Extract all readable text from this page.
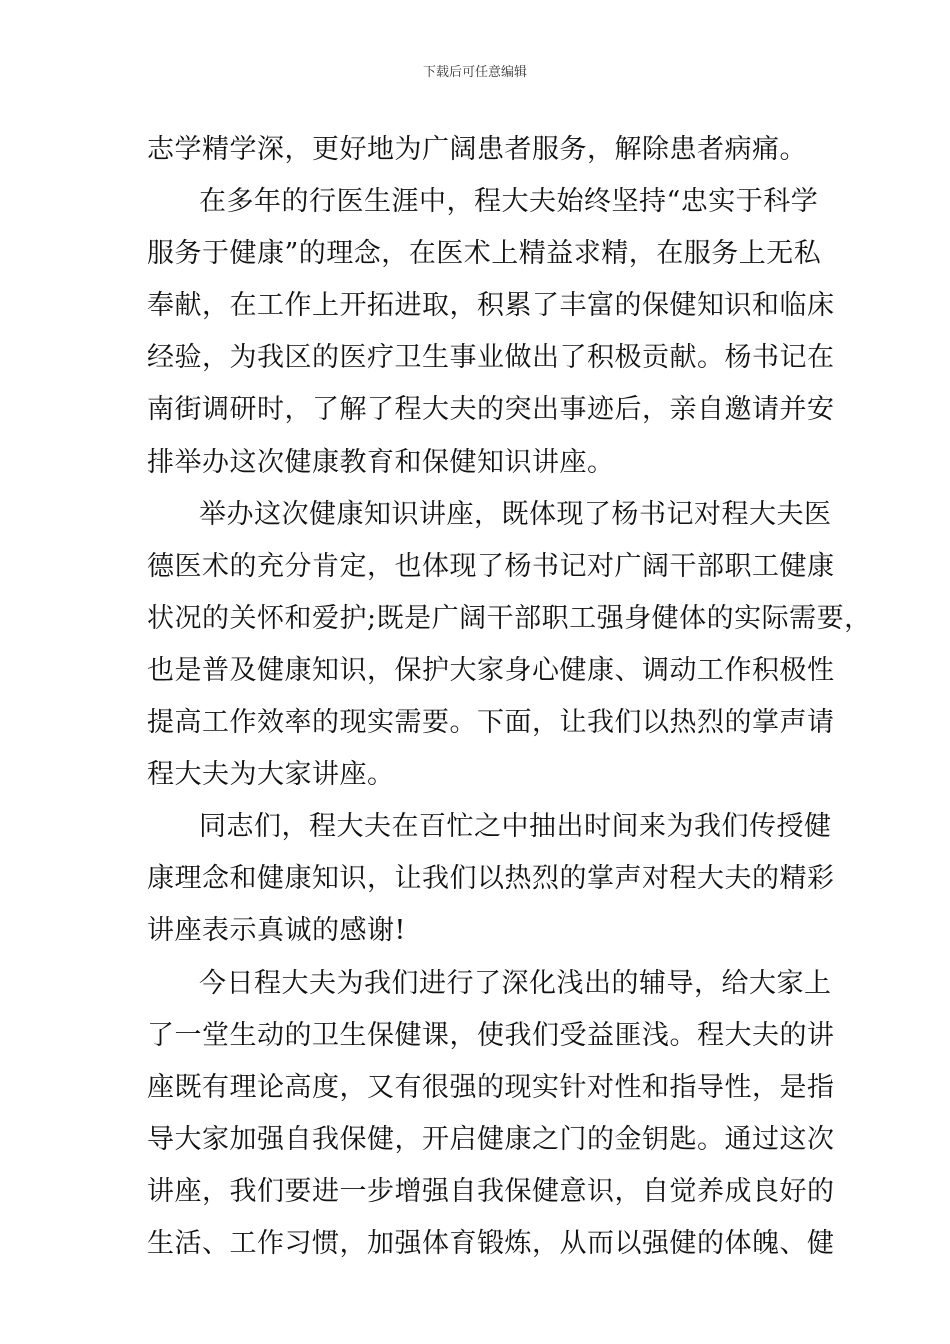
下载后可任意编辑
志学精学深，更好地为广阔患者服务，解除患者病痛。
在多年的行医生涯中，程大夫始终坚持“忠实于科学
服务于健康”的理念，在医术上精益求精，在服务上无私
奉献，在工作上开拓进取，积累了丰富的保健知识和临床
经验，为我区的医疗卫生事业做出了积极贡献。杨书记在
南街调研时，了解了程大夫的突出事迹后，亲自邀请并安
排举办这次健康教育和保健知识讲座。
举办这次健康知识讲座，既体现了杨书记对程大夫医
德医术的充分肯定，也体现了杨书记对广阔干部职工健康
状况的关怀和爱护;既是广阔干部职工强身健体的实际需要，
也是普及健康知识，保护大家身心健康、调动工作积极性
提高工作效率的现实需要。下面，让我们以热烈的掌声请
程大夫为大家讲座。
同志们，程大夫在百忙之中抽出时间来为我们传授健
康理念和健康知识，让我们以热烈的掌声对程大夫的精彩
讲座表示真诚的感谢!
今日程大夫为我们进行了深化浅出的辅导，给大家上
了一堂生动的卫生保健课，使我们受益匪浅。程大夫的讲
座既有理论高度，又有很强的现实针对性和指导性，是指
导大家加强自我保健，开启健康之门的金钥匙。通过这次
讲座，我们要进一步增强自我保健意识，自觉养成良好的
生活、工作习惯，加强体育锻炼，从而以强健的体魄、健
